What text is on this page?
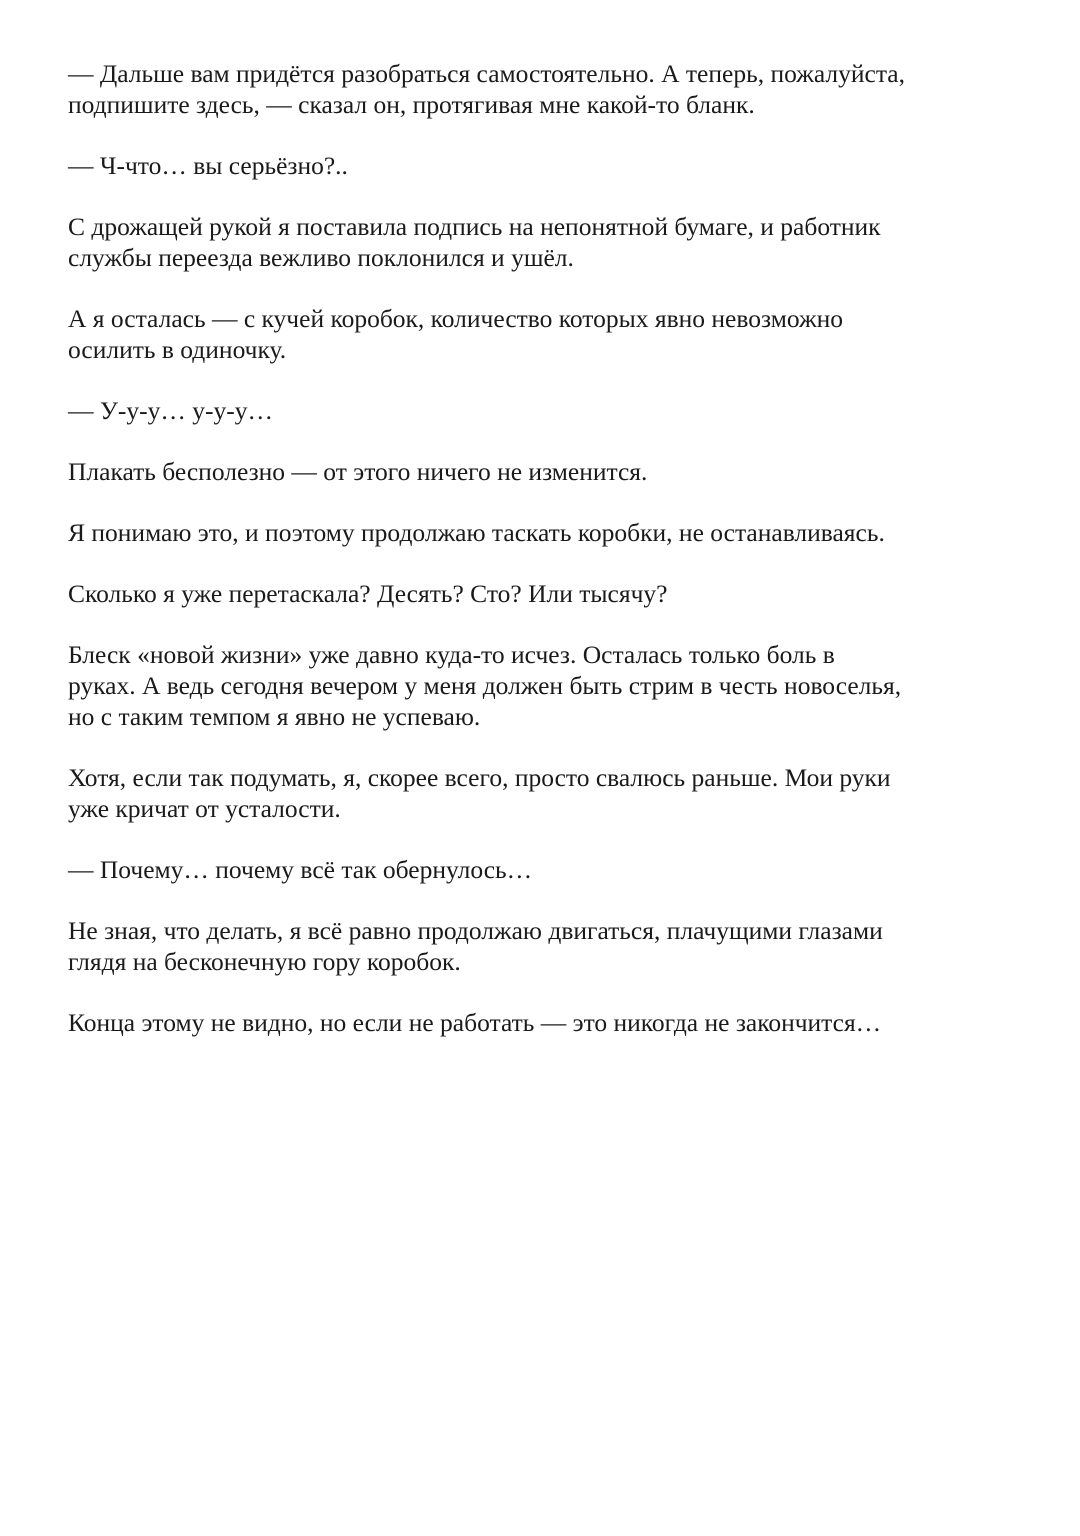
— Дальше вам придётся разобраться самостоятельно. А теперь, пожалуйста,
подпишите здесь, — сказал он, протягивая мне какой-то бланк.

— Ч-что… вы серьёзно?..

С дрожащей рукой я поставила подпись на непонятной бумаге, и работник
службы переезда вежливо поклонился и ушёл.

А я осталась — с кучей коробок, количество которых явно невозможно
осилить в одиночку.

— У-у-у… у-у-у…

Плакать бесполезно — от этого ничего не изменится.

Я понимаю это, и поэтому продолжаю таскать коробки, не останавливаясь.

Сколько я уже перетаскала? Десять? Сто? Или тысячу?

Блеск «новой жизни» уже давно куда-то исчез. Осталась только боль в
руках. А ведь сегодня вечером у меня должен быть стрим в честь новоселья,
но с таким темпом я явно не успеваю.

Хотя, если так подумать, я, скорее всего, просто свалюсь раньше. Мои руки
уже кричат от усталости.

— Почему… почему всё так обернулось…

Не зная, что делать, я всё равно продолжаю двигаться, плачущими глазами
глядя на бесконечную гору коробок.

Конца этому не видно, но если не работать — это никогда не закончится…
